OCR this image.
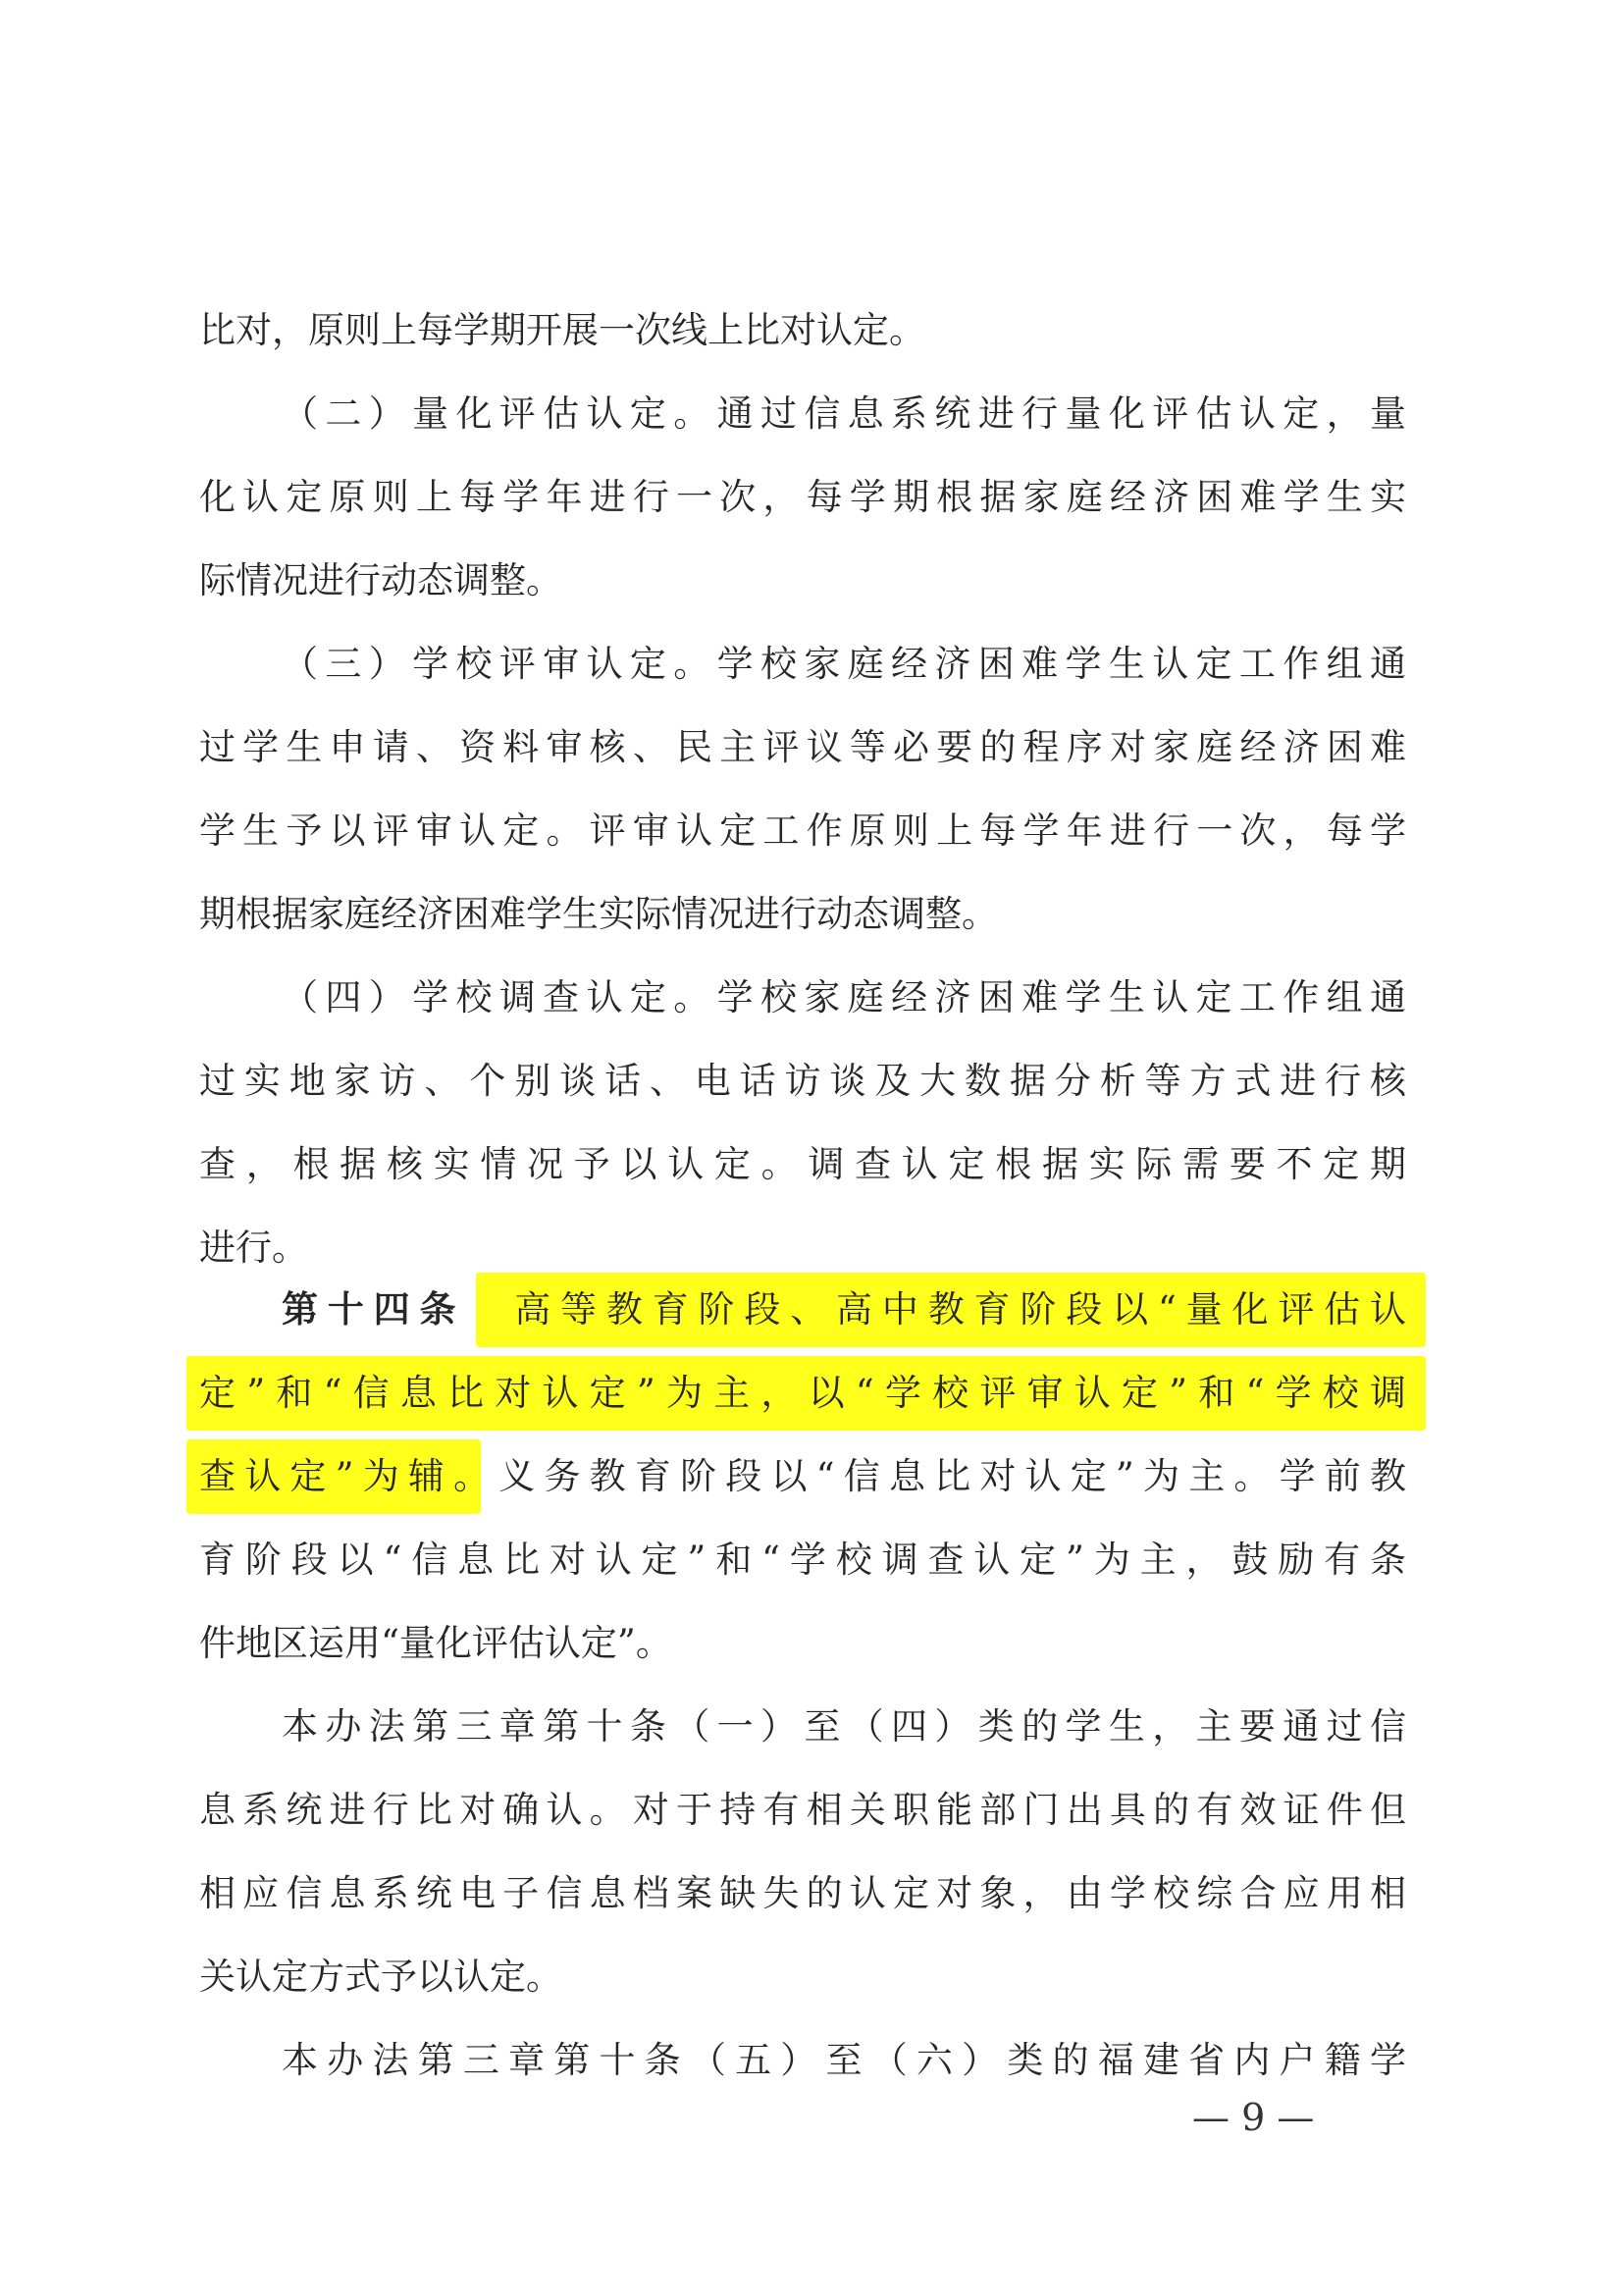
比对，原则上每学期开展一次线上比对认定。
（二）量化评估认定。通过信息系统进行量化评估认定，量
化认定原则上每学年进行一次，每学期根据家庭经济困难学生实
际情况进行动态调整。
（三）学校评审认定。学校家庭经济困难学生认定工作组通
过学生申请、资料审核、民主评议等必要的程序对家庭经济困难
学生予以评审认定。评审认定工作原则上每学年进行一次，每学
期根据家庭经济困难学生实际情况进行动态调整。
（四）学校调查认定。学校家庭经济困难学生认定工作组通
过实地家访、个别谈话、电话访谈及大数据分析等方式进行核
查，根据核实情况予以认定。调查认定根据实际需要不定期
进行。
第十四条 高等教育阶段、高中教育阶段以“量化评估认
定”和“信息比对认定”为主，以“学校评审认定”和“学校调
查认定”为辅。义务教育阶段以“信息比对认定”为主。学前教
育阶段以“信息比对认定”和“学校调查认定”为主，鼓励有条
件地区运用“量化评估认定”。
本办法第三章第十条（一）至（四）类的学生，主要通过信
息系统进行比对确认。对于持有相关职能部门出具的有效证件但
相应信息系统电子信息档案缺失的认定对象，由学校综合应用相
关认定方式予以认定。
本办法第三章第十条（五）至（六）类的福建省内户籍学
— 9 —
